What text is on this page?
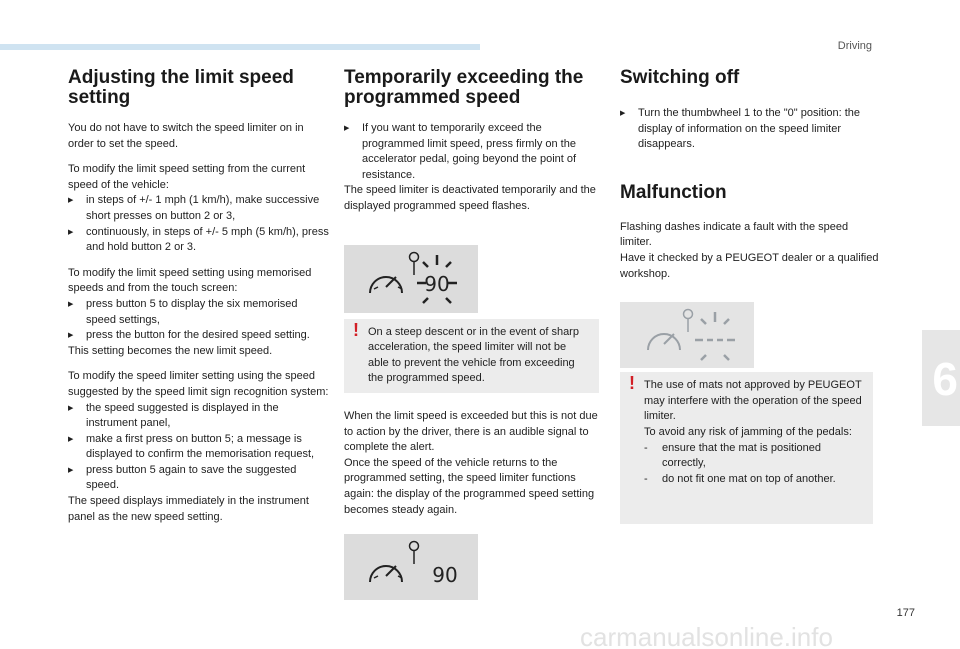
Driving
6
177
carmanualsonline.info
Adjusting the limit speed setting

You do not have to switch the speed limiter on in order to set the speed.

To modify the limit speed setting from the current speed of the vehicle:
▶ in steps of +/- 1 mph (1 km/h), make successive short presses on button 2 or 3,
▶ continuously, in steps of +/- 5 mph (5 km/h), press and hold button 2 or 3.

To modify the limit speed setting using memorised speeds and from the touch screen:
▶ press button 5 to display the six memorised speed settings,
▶ press the button for the desired speed setting.
This setting becomes the new limit speed.

To modify the speed limiter setting using the speed suggested by the speed limit sign recognition system:
▶ the speed suggested is displayed in the instrument panel,
▶ make a first press on button 5; a message is displayed to confirm the memorisation request,
▶ press button 5 again to save the suggested speed.
The speed displays immediately in the instrument panel as the new speed setting.

Temporarily exceeding the programmed speed

▶ If you want to temporarily exceed the programmed limit speed, press firmly on the accelerator pedal, going beyond the point of resistance.
The speed limiter is deactivated temporarily and the displayed programmed speed flashes.

90
! On a steep descent or in the event of sharp acceleration, the speed limiter will not be able to prevent the vehicle from exceeding the programmed speed.

When the limit speed is exceeded but this is not due to action by the driver, there is an audible signal to complete the alert.
Once the speed of the vehicle returns to the programmed setting, the speed limiter functions again: the display of the programmed speed setting becomes steady again.

90
Switching off

▶ Turn the thumbwheel 1 to the "0" position: the display of information on the speed limiter disappears.

Malfunction

Flashing dashes indicate a fault with the speed limiter.
Have it checked by a PEUGEOT dealer or a qualified workshop.

! The use of mats not approved by PEUGEOT may interfere with the operation of the speed limiter.
To avoid any risk of jamming of the pedals:
- ensure that the mat is positioned correctly,
- do not fit one mat on top of another.
